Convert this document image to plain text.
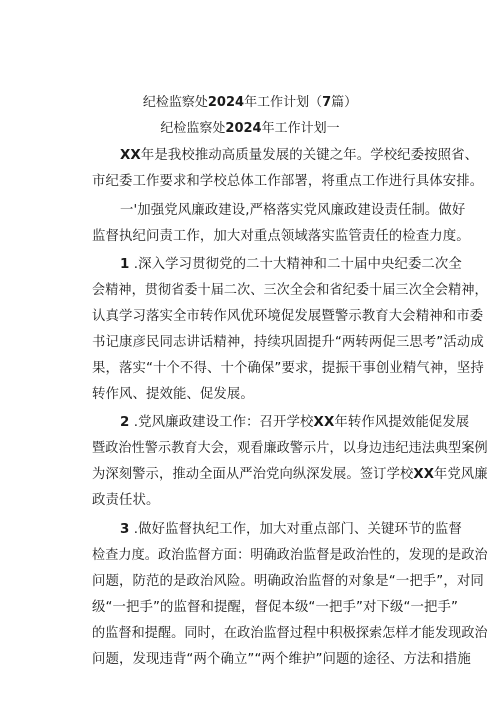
纪检监察处2024年工作计划（7篇）
纪检监察处2024年工作计划一
XX年是我校推动高质量发展的关键之年。学校纪委按照省、
市纪委工作要求和学校总体工作部署，将重点工作进行具体安排。
一'加强党风廉政建设,严格落实党风廉政建设责任制。做好
监督执纪问责工作，加大对重点领域落实监管责任的检查力度。
1 .深入学习贯彻党的二十大精神和二十届中央纪委二次全
会精神，贯彻省委十届二次、三次全会和省纪委十届三次全会精神，
认真学习落实全市转作风优环境促发展暨警示教育大会精神和市委
书记康彦民同志讲话精神，持续巩固提升“两转两促三思考”活动成
果，落实“十个不得、十个确保”要求，提振干事创业精气神，坚持
转作风、提效能、促发展。
2 .党风廉政建设工作：召开学校XX年转作风提效能促发展
暨政治性警示教育大会，观看廉政警示片，以身边违纪违法典型案例
为深刻警示，推动全面从严治党向纵深发展。签订学校XX年党风廉
政责任状。
3 .做好监督执纪工作，加大对重点部门、关键环节的监督
检查力度。政治监督方面：明确政治监督是政治性的，发现的是政治
问题，防范的是政治风险。明确政治监督的对象是“一把手”，对同
级“一把手”的监督和提醒，督促本级“一把手”对下级“一把手”
的监督和提醒。同时，在政治监督过程中积极探索怎样才能发现政治
问题，发现违背“两个确立”“两个维护”问题的途径、方法和措施
